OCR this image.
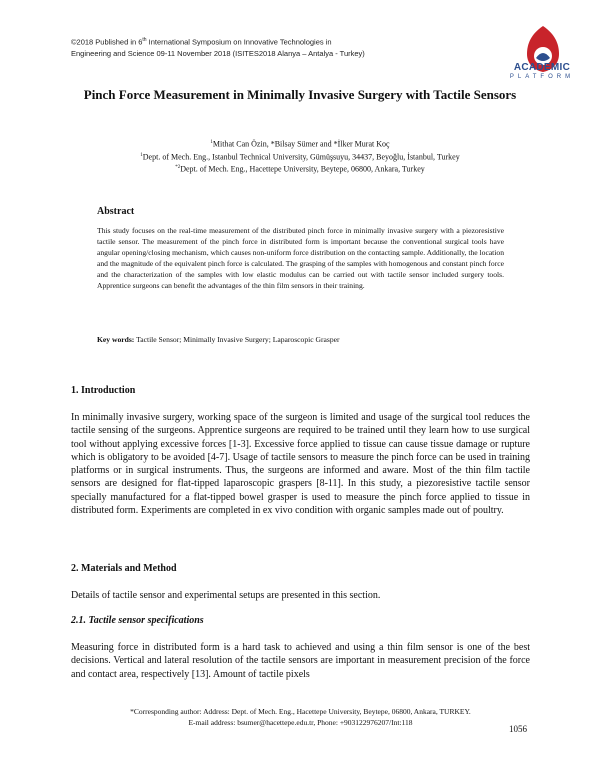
©2018 Published in 6th International Symposium on Innovative Technologies in
Engineering and Science 09-11 November 2018 (ISITES2018 Alanya – Antalya - Turkey)
ACADEMIC
PLATFORM
Pinch Force Measurement in Minimally Invasive Surgery with Tactile Sensors
$^1$Mithat Can Özin, *Bilsay Sümer and *İlker Murat Koç
$^1$Dept. of Mech. Eng., Istanbul Technical University, Gümüşsuyu, 34437, Beyoğlu, İstanbul, Turkey
$^{*2}$Dept. of Mech. Eng., Hacettepe University, Beytepe, 06800, Ankara, Turkey
Abstract
This study focuses on the real-time measurement of the distributed pinch force in minimally invasive surgery with a piezoresistive tactile sensor. The measurement of the pinch force in distributed form is important because the conventional surgical tools have angular opening/closing mechanism, which causes non-uniform force distribution on the contacting sample. Additionally, the location and the magnitude of the equivalent pinch force is calculated. The grasping of the samples with homogenous and constant pinch force and the characterization of the samples with low elastic modulus can be carried out with tactile sensor included surgery tools. Apprentice surgeons can benefit the advantages of the thin film sensors in their training.
Key words: Tactile Sensor; Minimally Invasive Surgery; Laparoscopic Grasper
1. Introduction
In minimally invasive surgery, working space of the surgeon is limited and usage of the surgical tool reduces the tactile sensing of the surgeons. Apprentice surgeons are required to be trained until they learn how to use surgical tool without applying excessive forces [1-3]. Excessive force applied to tissue can cause tissue damage or rupture which is obligatory to be avoided [4-7]. Usage of tactile sensors to measure the pinch force can be used in training platforms or in surgical instruments. Thus, the surgeons are informed and aware. Most of the thin film tactile sensors are designed for flat-tipped laparoscopic graspers [8-11]. In this study, a piezoresistive tactile sensor specially manufactured for a flat-tipped bowel grasper is used to measure the pinch force applied to tissue in distributed form. Experiments are completed in ex vivo condition with organic samples made out of poultry.
2. Materials and Method
Details of tactile sensor and experimental setups are presented in this section.
2.1. Tactile sensor specifications
Measuring force in distributed form is a hard task to achieved and using a thin film sensor is one of the best decisions. Vertical and lateral resolution of the tactile sensors are important in measurement precision of the force and contact area, respectively [13]. Amount of tactile pixels
*Corresponding author: Address: Dept. of Mech. Eng., Hacettepe University, Beytepe, 06800, Ankara, TURKEY.
E-mail address: bsumer@hacettepe.edu.tr, Phone: +903122976207/Int:118
1056
